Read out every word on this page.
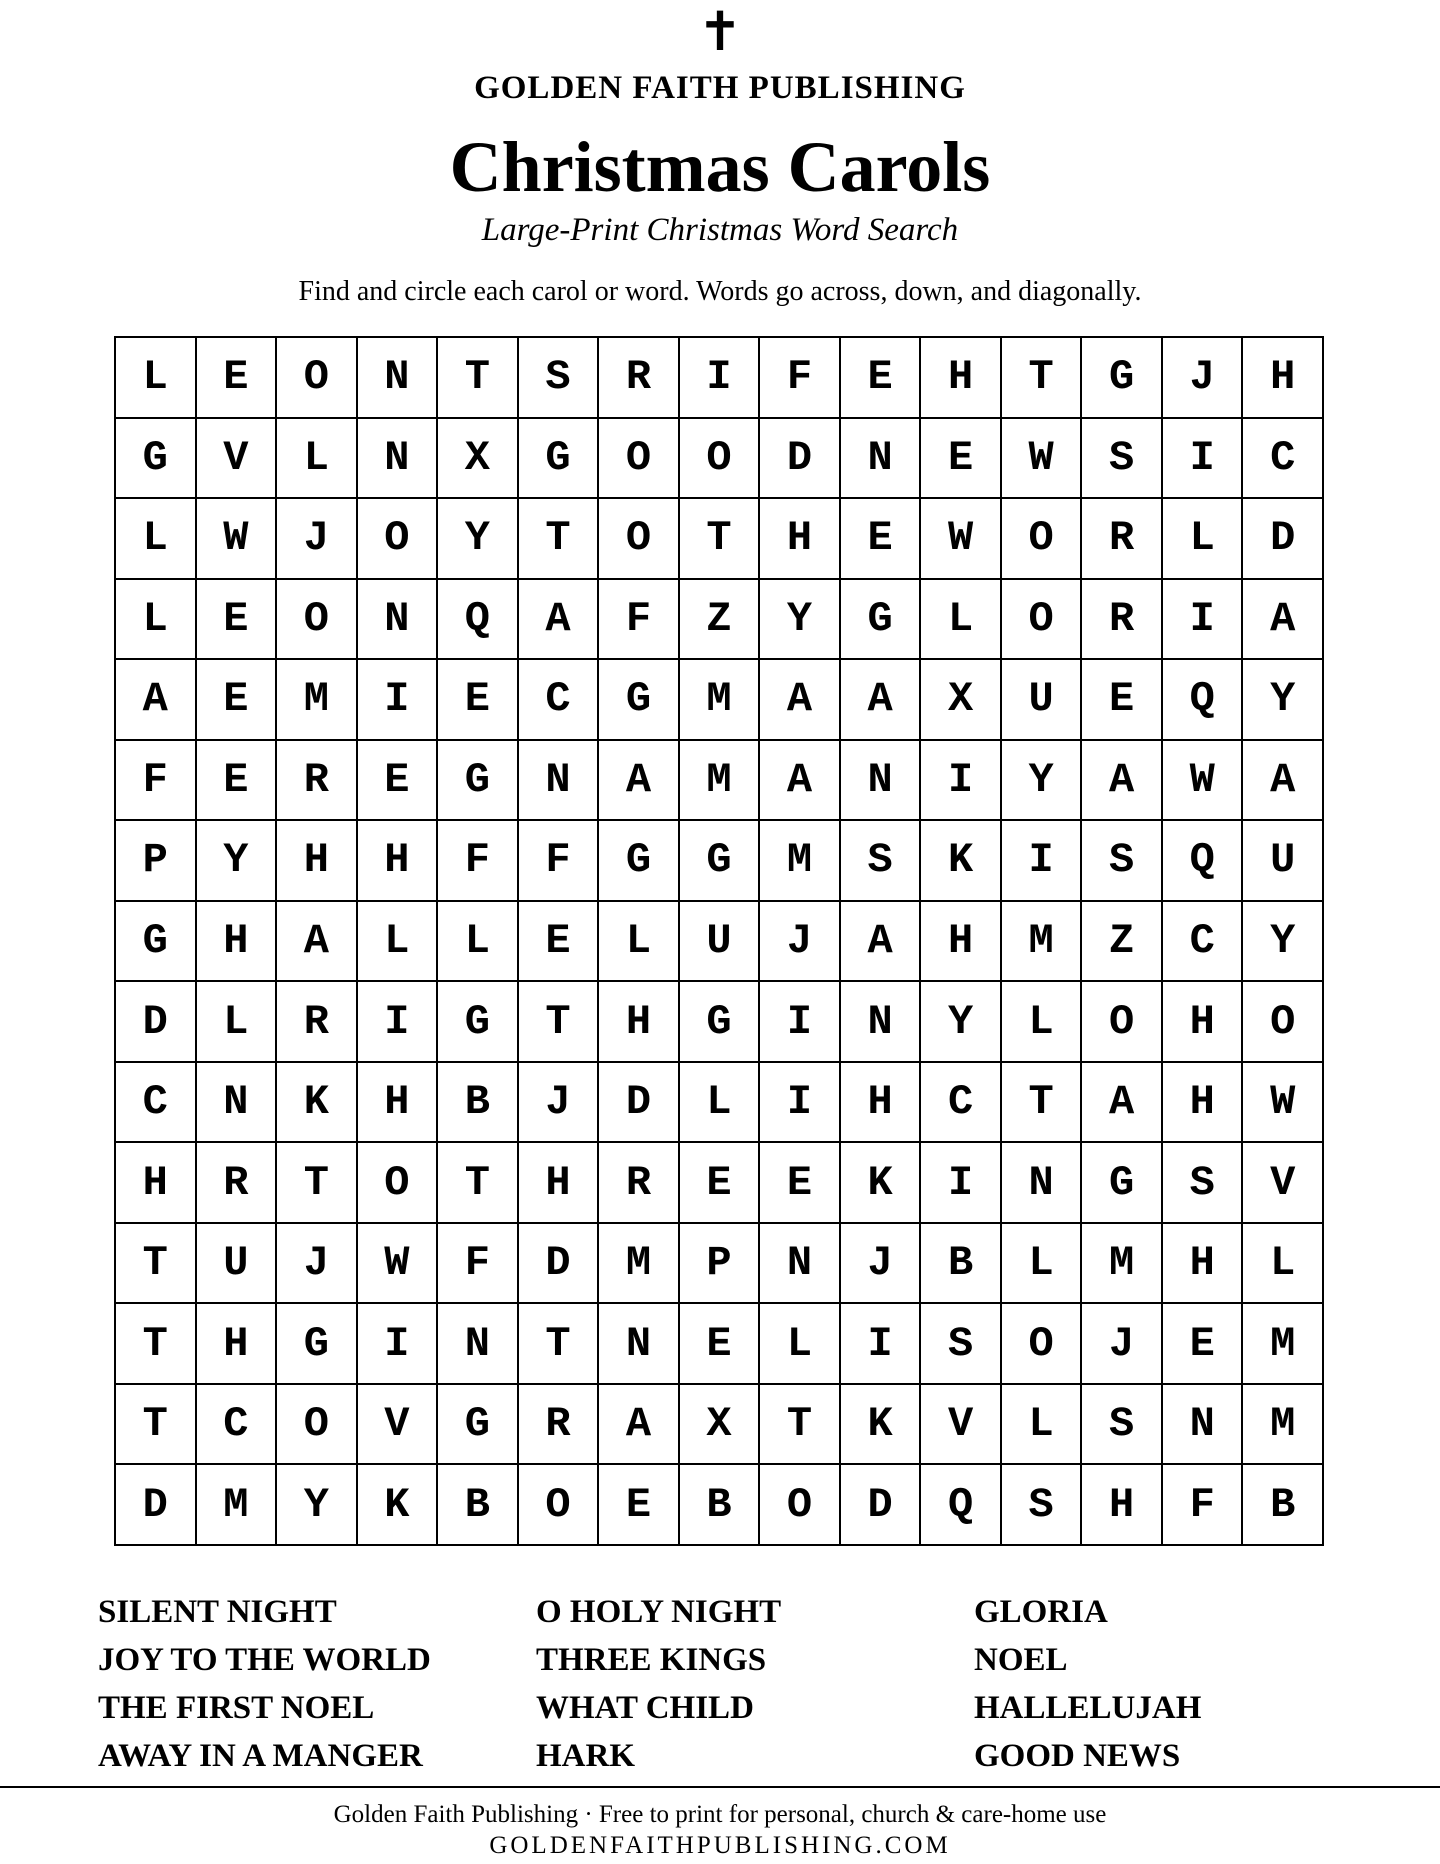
✝
GOLDEN FAITH PUBLISHING
Christmas Carols
Large-Print Christmas Word Search
Find and circle each carol or word. Words go across, down, and diagonally.
L	E	O	N	T	S	R	I	F	E	H	T	G	J	H
G	V	L	N	X	G	O	O	D	N	E	W	S	I	C
L	W	J	O	Y	T	O	T	H	E	W	O	R	L	D
L	E	O	N	Q	A	F	Z	Y	G	L	O	R	I	A
A	E	M	I	E	C	G	M	A	A	X	U	E	Q	Y
F	E	R	E	G	N	A	M	A	N	I	Y	A	W	A
P	Y	H	H	F	F	G	G	M	S	K	I	S	Q	U
G	H	A	L	L	E	L	U	J	A	H	M	Z	C	Y
D	L	R	I	G	T	H	G	I	N	Y	L	O	H	O
C	N	K	H	B	J	D	L	I	H	C	T	A	H	W
H	R	T	O	T	H	R	E	E	K	I	N	G	S	V
T	U	J	W	F	D	M	P	N	J	B	L	M	H	L
T	H	G	I	N	T	N	E	L	I	S	O	J	E	M
T	C	O	V	G	R	A	X	T	K	V	L	S	N	M
D	M	Y	K	B	O	E	B	O	D	Q	S	H	F	B
SILENT NIGHT
JOY TO THE WORLD
THE FIRST NOEL
AWAY IN A MANGER
O HOLY NIGHT
THREE KINGS
WHAT CHILD
HARK
GLORIA
NOEL
HALLELUJAH
GOOD NEWS
Golden Faith Publishing · Free to print for personal, church & care-home use
GOLDENFAITHPUBLISHING.COM
